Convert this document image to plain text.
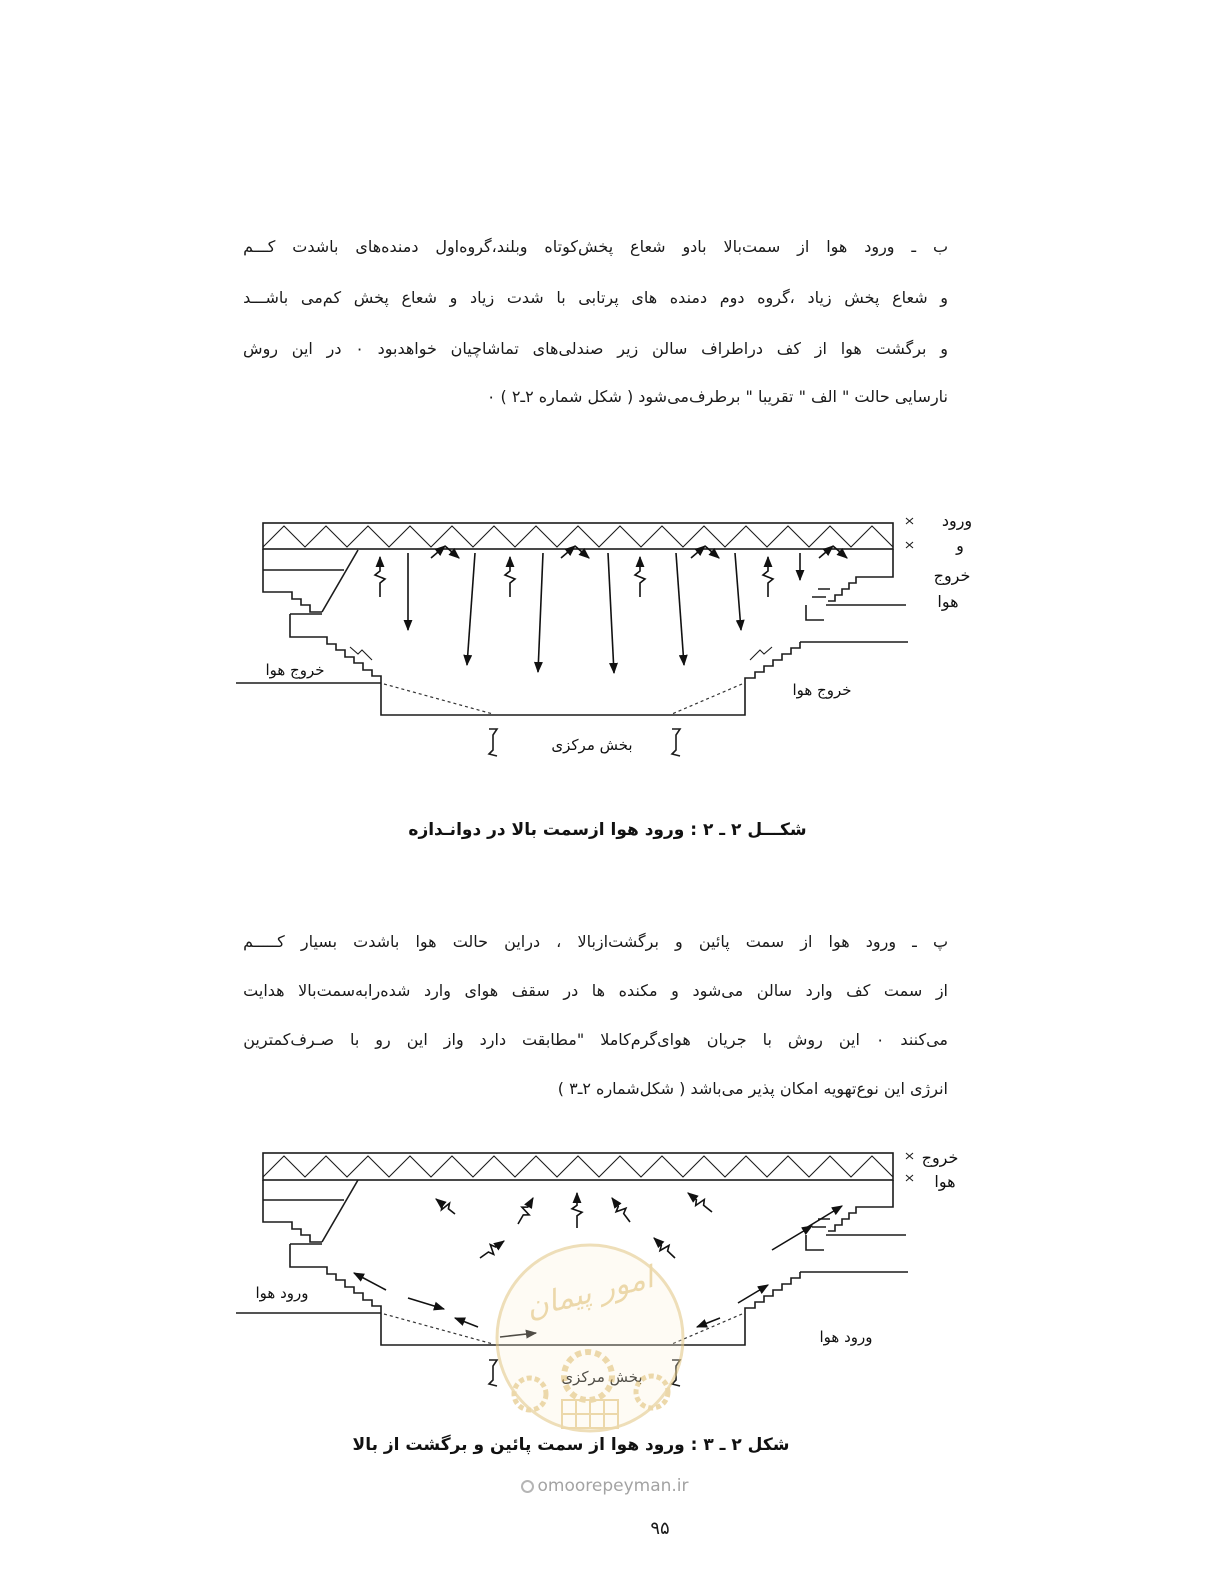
ب
ـ
ورود
هوا
از
سمت‌بالا
بادو
شعاع
پخش‌کوتاه
وبلند،گروه‌اول
دمنده‌های
باشدت
کـــم
و
شعاع
پخش
زیاد
،گروه
دوم
دمنده
های
پرتابی
با
شدت
زیاد
و
شعاع
پخش
کم‌می
باشـــد
و
برگشت
هوا
از
کف
دراطراف
سالن
زیر
صندلی‌های
تماشاچیان
خواهدبود
۰
در
این
روش
نارسایی حالت " الف " تقریبا " برطرف‌می‌شود ( شکل شماره ۲ـ۲ ) ۰
ورود
و
خروج
هوا
خروج هوا
خروج هوا
بخش مرکزی
شکـــل ۲ ـ ۲ : ورود هوا ازسمت بالا در دوانـدازه
پ
ـ
ورود
هوا
از
سمت
پائین
و
برگشت‌ازبالا
،
دراین
حالت
هوا
باشدت
بسیار
کـــــم
از
سمت
کف
وارد
سالن
می‌شود
و
مکنده
ها
در
سقف
هوای
وارد
شده‌رابه‌سمت‌بالا
هدایت
می‌کنند
۰
این
روش
با
جریان
هوای‌گرم‌کاملا
"مطابقت
دارد
واز
این
رو
با
صـرف‌کمترین
انرژی این نوع‌تهویه امکان پذیر می‌باشد ( شکل‌شماره ۲ـ۳ )
خروج
هوا
ورود هوا
ورود هوا
بخش مرکزی
امور پیمان
شکل ۲ ـ ۳ : ورود هوا از سمت پائین و برگشت از بالا
omoorepeyman.ir
۹۵
